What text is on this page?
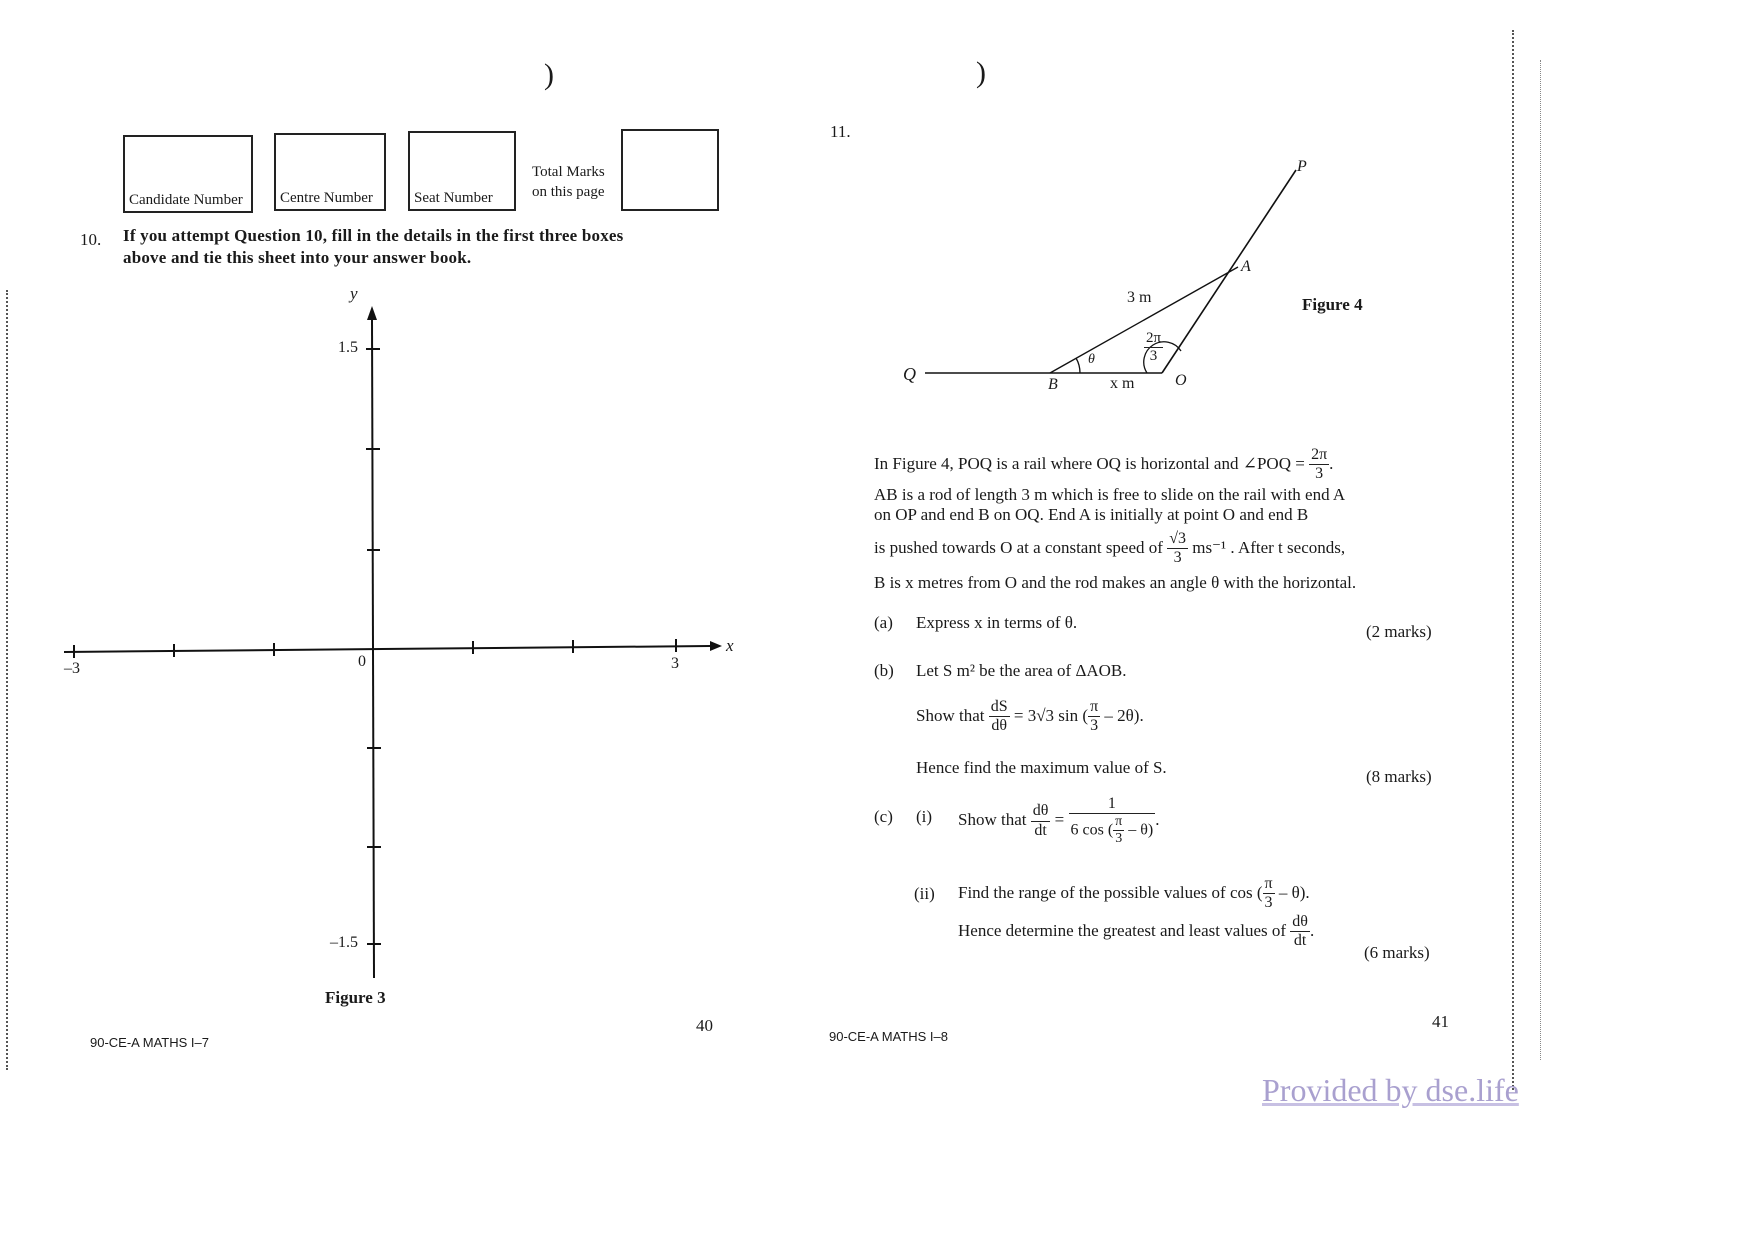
)	)
Candidate Number Centre Number	Seat Number
Total Marks
on this page
10. If you attempt Question 10, fill in the details in the first three boxes
above and tie this sheet into your answer book.
y
x
1.5
–1.5
0
–3	3
Figure 3
40
90-CE-A MATHS I–7
11.
P
A
Q
B	O
3 m
x m
θ	$\frac{2\pi}{3}$
Figure 4
In Figure 4, POQ is a rail where OQ is horizontal and ∠POQ = $\frac{2\pi}{3}$ .
AB is a rod of length 3 m which is free to slide on the rail with end A
on OP and end B on OQ. End A is initially at point O and end B
is pushed towards O at a constant speed of $\frac{√3}{3} ms^{-1}$ . After t seconds,
B is x metres from O and the rod makes an angle θ with the horizontal.
(a) Express x in terms of θ.	(2 marks)
(b) Let S m² be the area of ΔAOB.
Show that $\frac{dS}{d\theta} = 3√3$ sin ( $\frac{\pi}{3} - 2\theta$).
Hence find the maximum value of S.	(8 marks)
(c) (i) Show that $\frac{d\theta}{dt} = \frac{1}{6 \cos ( \frac{\pi}{3} - \theta)}$ .
(ii) Find the range of the possible values of cos ( $\frac{\pi}{3} - \theta$).
Hence determine the greatest and least values of $\frac{d\theta}{dt}$ .
(6 marks)
41
90-CE-A MATHS I–8
Provided by dse.life
